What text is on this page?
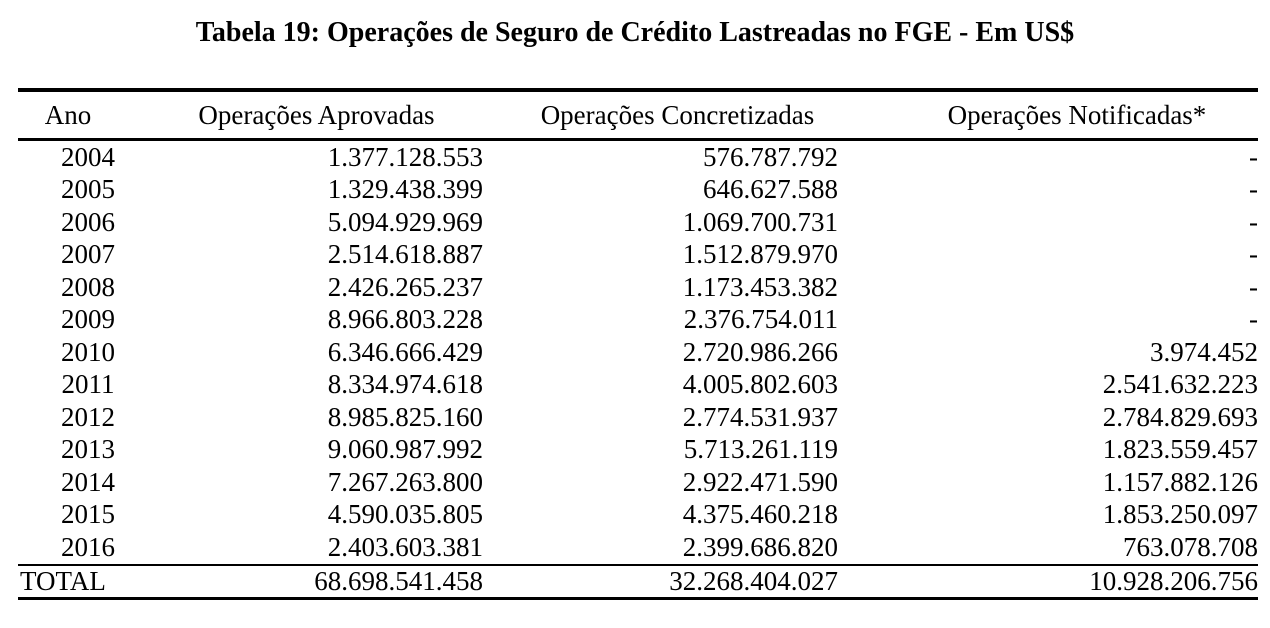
Tabela 19: Operações de Seguro de Crédito Lastreadas no FGE - Em US$
Ano	Operações Aprovadas	Operações Concretizadas	Operações Notificadas*
2004	1.377.128.553	576.787.792	-
2005	1.329.438.399	646.627.588	-
2006	5.094.929.969	1.069.700.731	-
2007	2.514.618.887	1.512.879.970	-
2008	2.426.265.237	1.173.453.382	-
2009	8.966.803.228	2.376.754.011	-
2010	6.346.666.429	2.720.986.266	3.974.452
2011	8.334.974.618	4.005.802.603	2.541.632.223
2012	8.985.825.160	2.774.531.937	2.784.829.693
2013	9.060.987.992	5.713.261.119	1.823.559.457
2014	7.267.263.800	2.922.471.590	1.157.882.126
2015	4.590.035.805	4.375.460.218	1.853.250.097
2016	2.403.603.381	2.399.686.820	763.078.708
TOTAL	68.698.541.458	32.268.404.027	10.928.206.756
